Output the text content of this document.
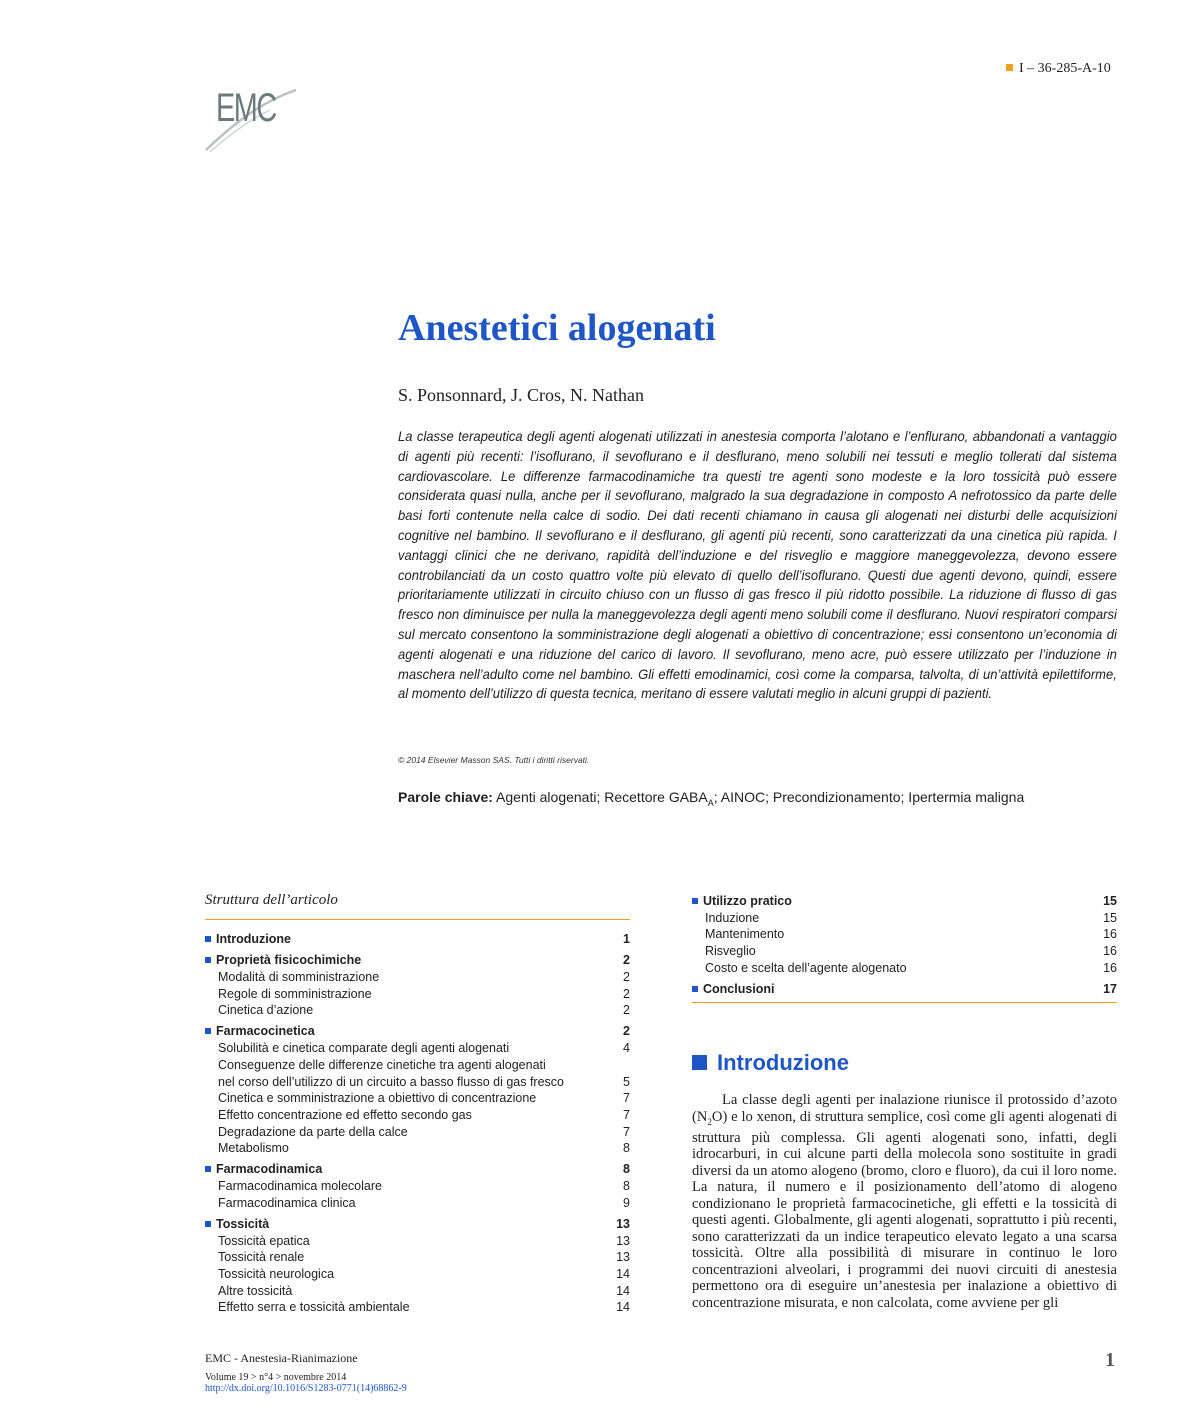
EMC
I – 36-285-A-10
Anestetici alogenati
S. Ponsonnard, J. Cros, N. Nathan
La classe terapeutica degli agenti alogenati utilizzati in anestesia comporta l’alotano e l’enflurano, abbandonati a vantaggio di agenti più recenti: l’isoflurano, il sevoflurano e il desflurano, meno solubili nei tessuti e meglio tollerati dal sistema cardiovascolare. Le differenze farmacodinamiche tra questi tre agenti sono modeste e la loro tossicità può essere considerata quasi nulla, anche per il sevoflurano, malgrado la sua degradazione in composto A nefrotossico da parte delle basi forti contenute nella calce di sodio. Dei dati recenti chiamano in causa gli alogenati nei disturbi delle acquisizioni cognitive nel bambino. Il sevoflurano e il desflurano, gli agenti più recenti, sono caratterizzati da una cinetica più rapida. I vantaggi clinici che ne derivano, rapidità dell’induzione e del risveglio e maggiore maneggevolezza, devono essere controbilanciati da un costo quattro volte più elevato di quello dell’isoflurano. Questi due agenti devono, quindi, essere prioritariamente utilizzati in circuito chiuso con un flusso di gas fresco il più ridotto possibile. La riduzione di flusso di gas fresco non diminuisce per nulla la maneggevolezza degli agenti meno solubili come il desflurano. Nuovi respiratori comparsi sul mercato consentono la somministrazione degli alogenati a obiettivo di concentrazione; essi consentono un’economia di agenti alogenati e una riduzione del carico di lavoro. Il sevoflurano, meno acre, può essere utilizzato per l’induzione in maschera nell’adulto come nel bambino. Gli effetti emodinamici, così come la comparsa, talvolta, di un’attività epilettiforme, al momento dell’utilizzo di questa tecnica, meritano di essere valutati meglio in alcuni gruppi di pazienti.
© 2014 Elsevier Masson SAS. Tutti i diritti riservati.
Parole chiave: Agenti alogenati; Recettore $GABA_A$; AINOC; Precondizionamento; Ipertermia maligna
Struttura dell’articolo
Introduzione	1
Proprietà fisicochimiche	2
Modalità di somministrazione	2
Regole di somministrazione	2
Cinetica d’azione	2
Farmacocinetica	2
Solubilità e cinetica comparate degli agenti alogenati	4
Conseguenze delle differenze cinetiche tra agenti alogenati
nel corso dell’utilizzo di un circuito a basso flusso di gas fresco	5
Cinetica e somministrazione a obiettivo di concentrazione	7
Effetto concentrazione ed effetto secondo gas	7
Degradazione da parte della calce	7
Metabolismo	8
Farmacodinamica	8
Farmacodinamica molecolare	8
Farmacodinamica clinica	9
Tossicità	13
Tossicità epatica	13
Tossicità renale	13
Tossicità neurologica	14
Altre tossicità	14
Effetto serra e tossicità ambientale	14
Utilizzo pratico	15
Induzione	15
Mantenimento	16
Risveglio	16
Costo e scelta dell’agente alogenato	16
Conclusioni	17
Introduzione
La classe degli agenti per inalazione riunisce il protossido d’azoto $(N_2O)$ e lo xenon, di struttura semplice, così come gli agenti alogenati di struttura più complessa. Gli agenti alogenati sono, infatti, degli idrocarburi, in cui alcune parti della molecola sono sostituite in gradi diversi da un atomo alogeno (bromo, cloro e fluoro), da cui il loro nome. La natura, il numero e il posizionamento dell’atomo di alogeno condizionano le proprietà farmacocinetiche, gli effetti e la tossicità di questi agenti. Globalmente, gli agenti alogenati, soprattutto i più recenti, sono caratterizzati da un indice terapeutico elevato legato a una scarsa tossicità. Oltre alla possibilità di misurare in continuo le loro concentrazioni alveolari, i programmi dei nuovi circuiti di anestesia permettono ora di eseguire un’anestesia per inalazione a obiettivo di concentrazione misurata, e non calcolata, come avviene per gli
EMC - Anestesia-Rianimazione
Volume 19 > n°4 > novembre 2014
http://dx.doi.org/10.1016/S1283-0771(14)68862-9
1
